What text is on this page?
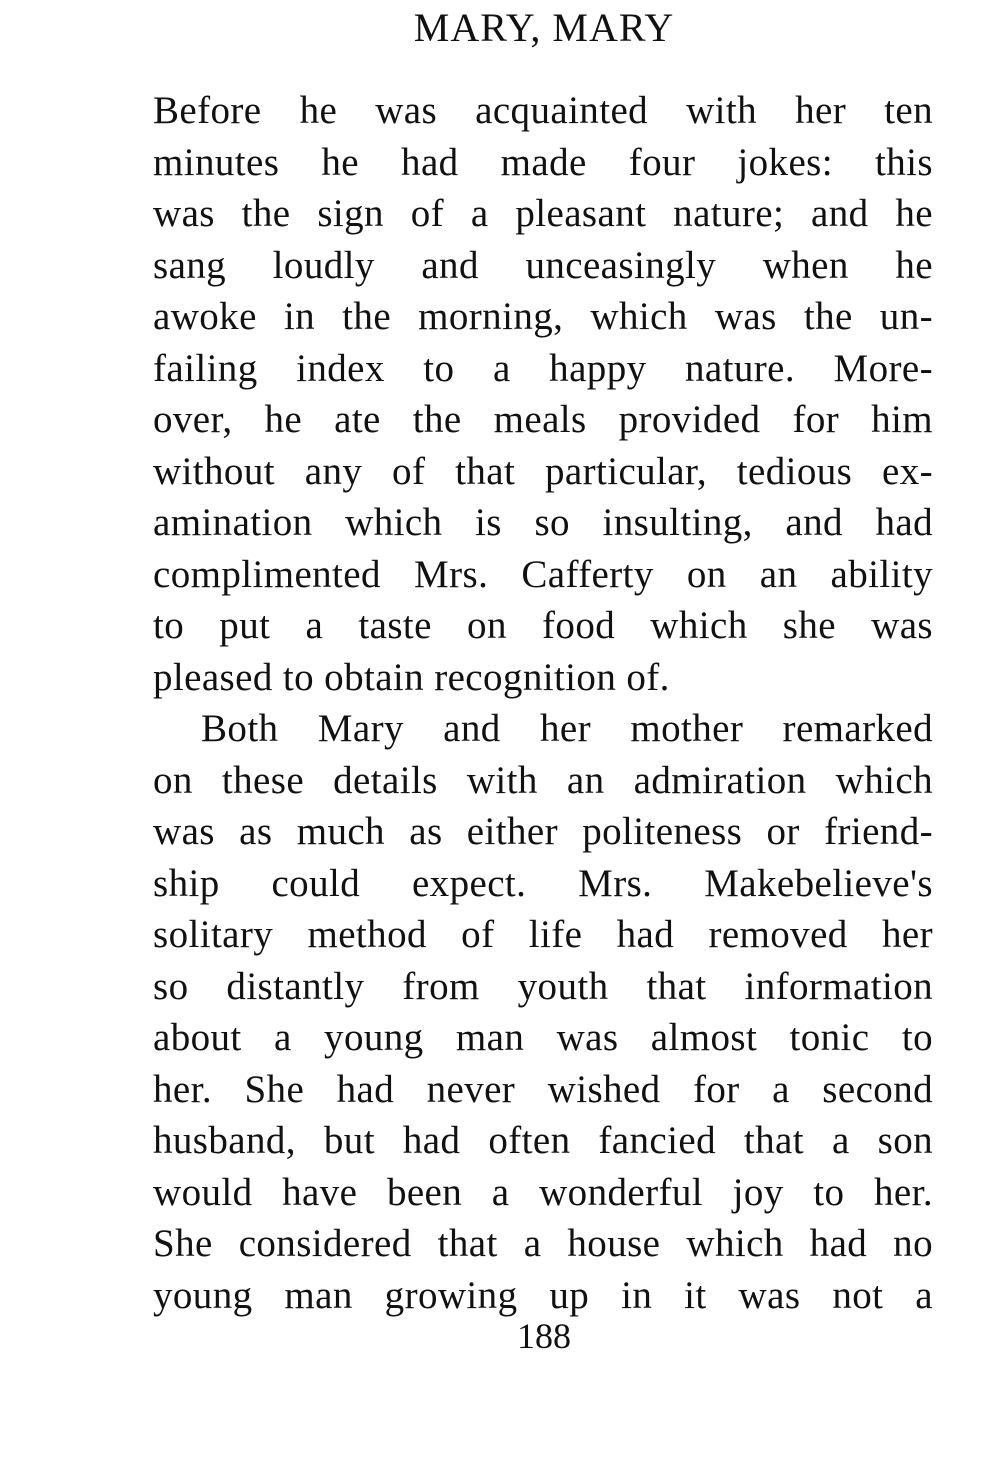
MARY, MARY
Before he was acquainted with her ten
minutes he had made four jokes: this
was the sign of a pleasant nature; and he
sang loudly and unceasingly when he
awoke in the morning, which was the un-
failing index to a happy nature. More-
over, he ate the meals provided for him
without any of that particular, tedious ex-
amination which is so insulting, and had
complimented Mrs. Cafferty on an ability
to put a taste on food which she was
pleased to obtain recognition of.
Both Mary and her mother remarked
on these details with an admiration which
was as much as either politeness or friend-
ship could expect. Mrs. Makebelieve's
solitary method of life had removed her
so distantly from youth that information
about a young man was almost tonic to
her. She had never wished for a second
husband, but had often fancied that a son
would have been a wonderful joy to her.
She considered that a house which had no
young man growing up in it was not a
188
